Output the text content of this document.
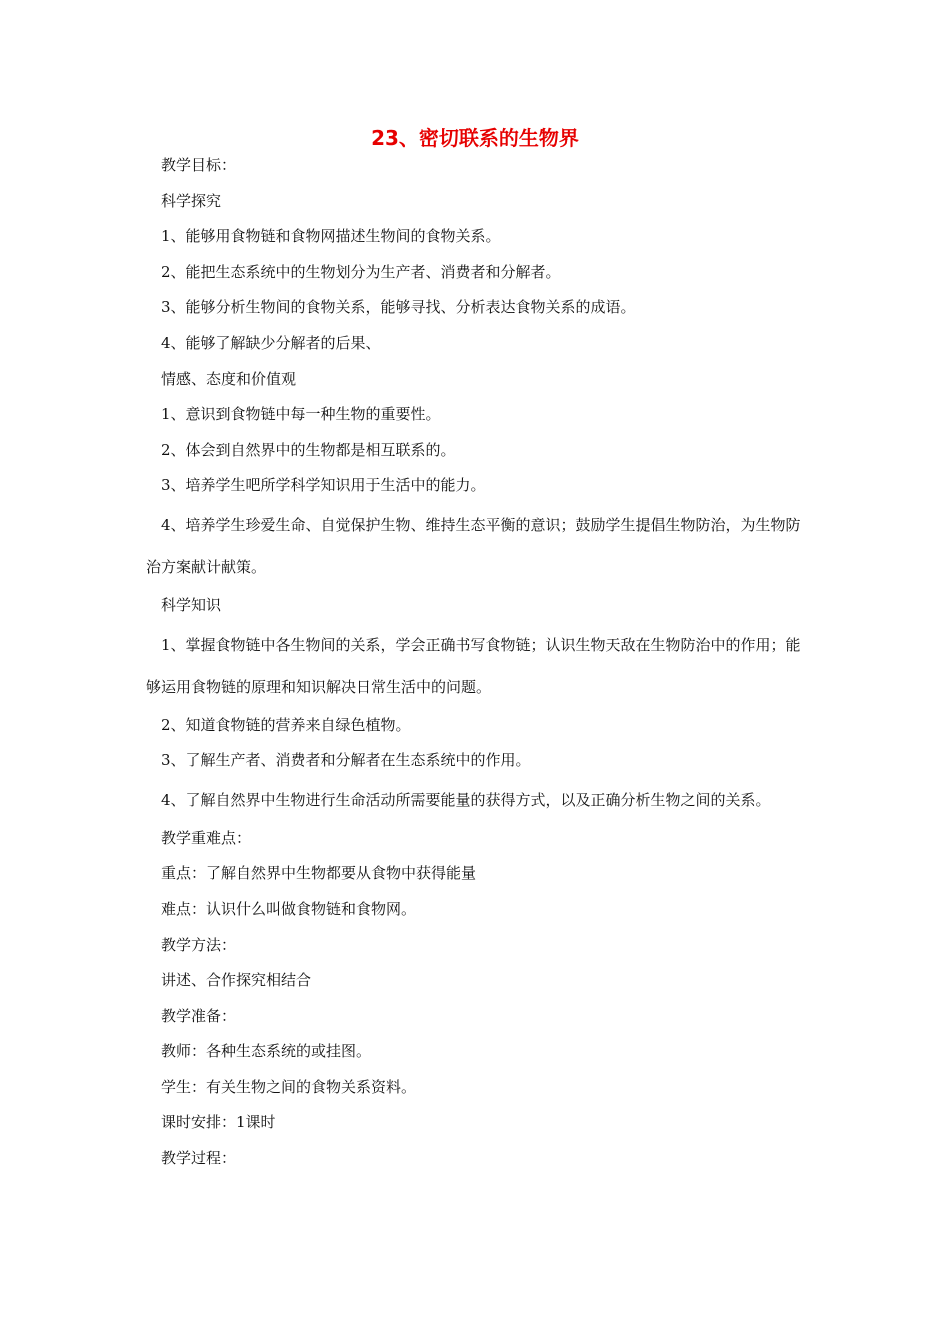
23、密切联系的生物界

教学目标：

科学探究

1、能够用食物链和食物网描述生物间的食物关系。

2、能把生态系统中的生物划分为生产者、消费者和分解者。

3、能够分析生物间的食物关系，能够寻找、分析表达食物关系的成语。

4、能够了解缺少分解者的后果、

情感、态度和价值观

1、意识到食物链中每一种生物的重要性。

2、体会到自然界中的生物都是相互联系的。

3、培养学生吧所学科学知识用于生活中的能力。

4、培养学生珍爱生命、自觉保护生物、维持生态平衡的意识；鼓励学生提倡生物防治，为生物防治方案献计献策。

科学知识

1、掌握食物链中各生物间的关系，学会正确书写食物链；认识生物天敌在生物防治中的作用；能够运用食物链的原理和知识解决日常生活中的问题。

2、知道食物链的营养来自绿色植物。

3、了解生产者、消费者和分解者在生态系统中的作用。

4、了解自然界中生物进行生命活动所需要能量的获得方式，以及正确分析生物之间的关系。

教学重难点：

重点：了解自然界中生物都要从食物中获得能量

难点：认识什么叫做食物链和食物网。

教学方法：

讲述、合作探究相结合

教学准备：

教师：各种生态系统的或挂图。

学生：有关生物之间的食物关系资料。

课时安排：1课时

教学过程：
